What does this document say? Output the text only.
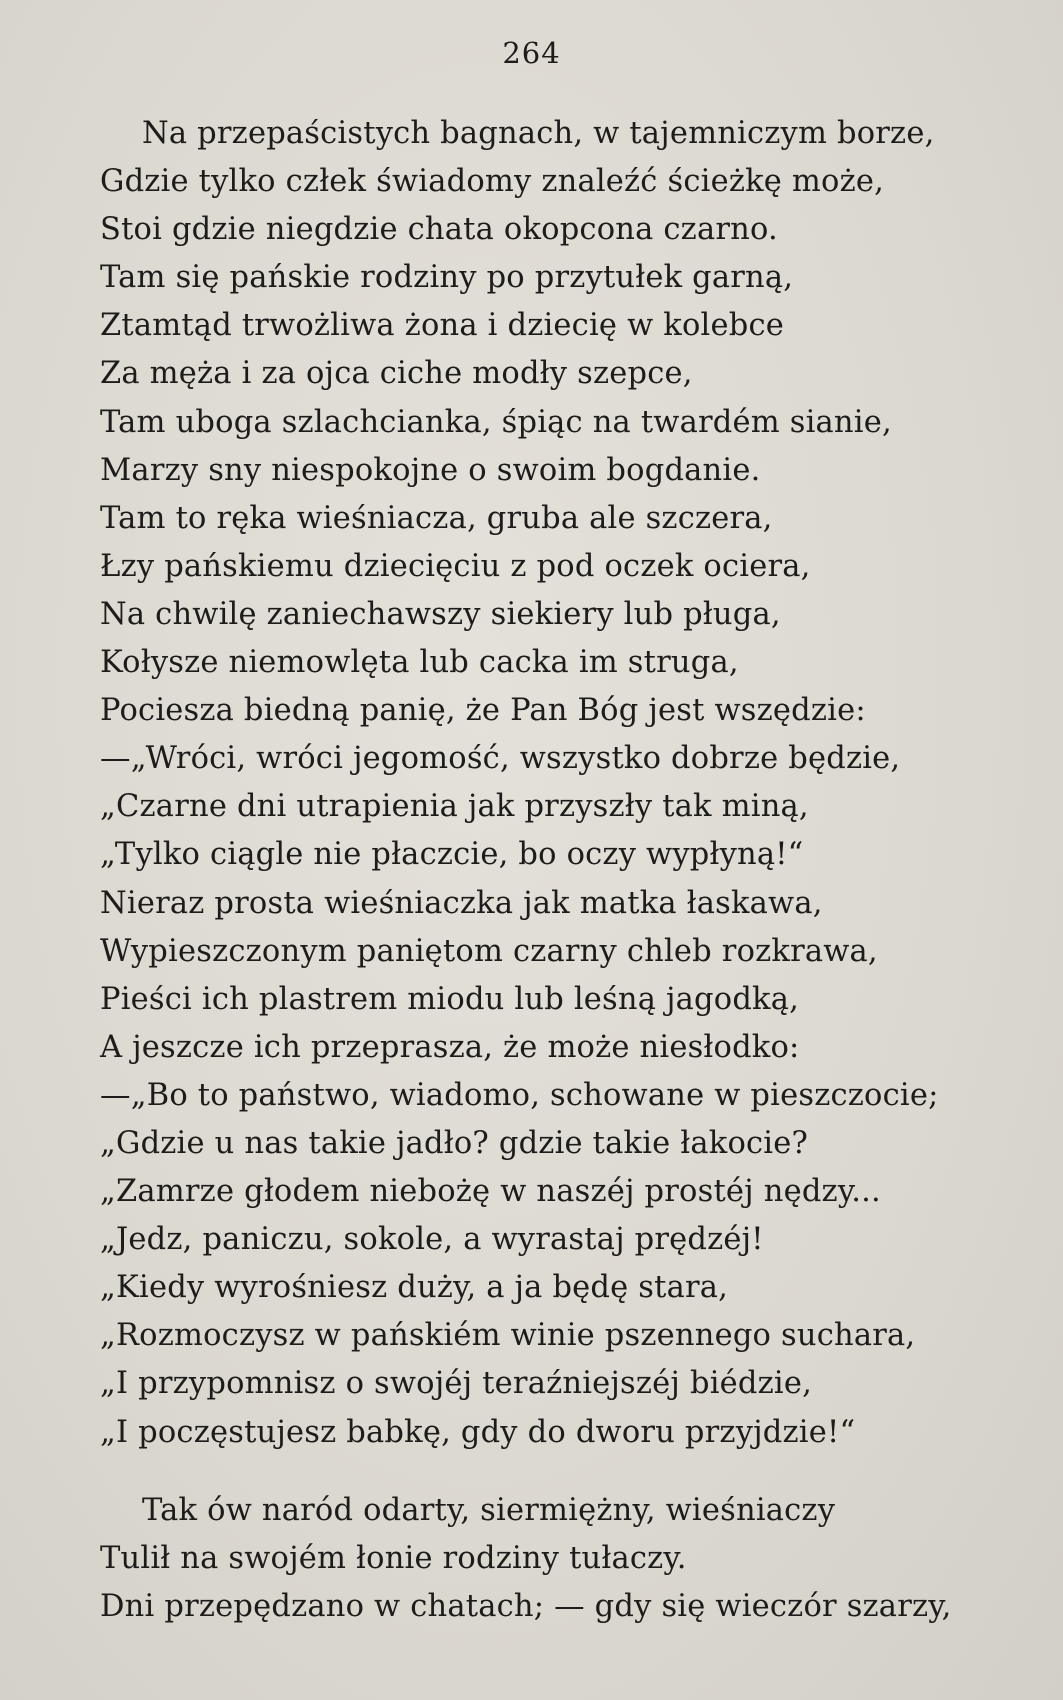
264
Na przepaścistych bagnach, w tajemniczym borze,
Gdzie tylko człek świadomy znaleźć ścieżkę może,
Stoi gdzie niegdzie chata okopcona czarno.
Tam się pańskie rodziny po przytułek garną,
Ztamtąd trwożliwa żona i dziecię w kolebce
Za męża i za ojca ciche modły szepce,
Tam uboga szlachcianka, śpiąc na twardém sianie,
Marzy sny niespokojne o swoim bogdanie.
Tam to ręka wieśniacza, gruba ale szczera,
Łzy pańskiemu dziecięciu z pod oczek ociera,
Na chwilę zaniechawszy siekiery lub pługa,
Kołysze niemowlęta lub cacka im struga,
Pociesza biedną panię, że Pan Bóg jest wszędzie:
—„Wróci, wróci jegomość, wszystko dobrze będzie,
„Czarne dni utrapienia jak przyszły tak miną,
„Tylko ciągle nie płaczcie, bo oczy wypłyną!“
Nieraz prosta wieśniaczka jak matka łaskawa,
Wypieszczonym paniętom czarny chleb rozkrawa,
Pieści ich plastrem miodu lub leśną jagodką,
A jeszcze ich przeprasza, że może niesłodko:
—„Bo to państwo, wiadomo, schowane w pieszczocie;
„Gdzie u nas takie jadło? gdzie takie łakocie?
„Zamrze głodem niebożę w naszéj prostéj nędzy...
„Jedz, paniczu, sokole, a wyrastaj prędzéj!
„Kiedy wyrośniesz duży, a ja będę stara,
„Rozmoczysz w pańskiém winie pszennego suchara,
„I przypomnisz o swojéj teraźniejszéj biédzie,
„I poczęstujesz babkę, gdy do dworu przyjdzie!“
Tak ów naród odarty, siermiężny, wieśniaczy
Tulił na swojém łonie rodziny tułaczy.
Dni przepędzano w chatach; — gdy się wieczór szarzy,
